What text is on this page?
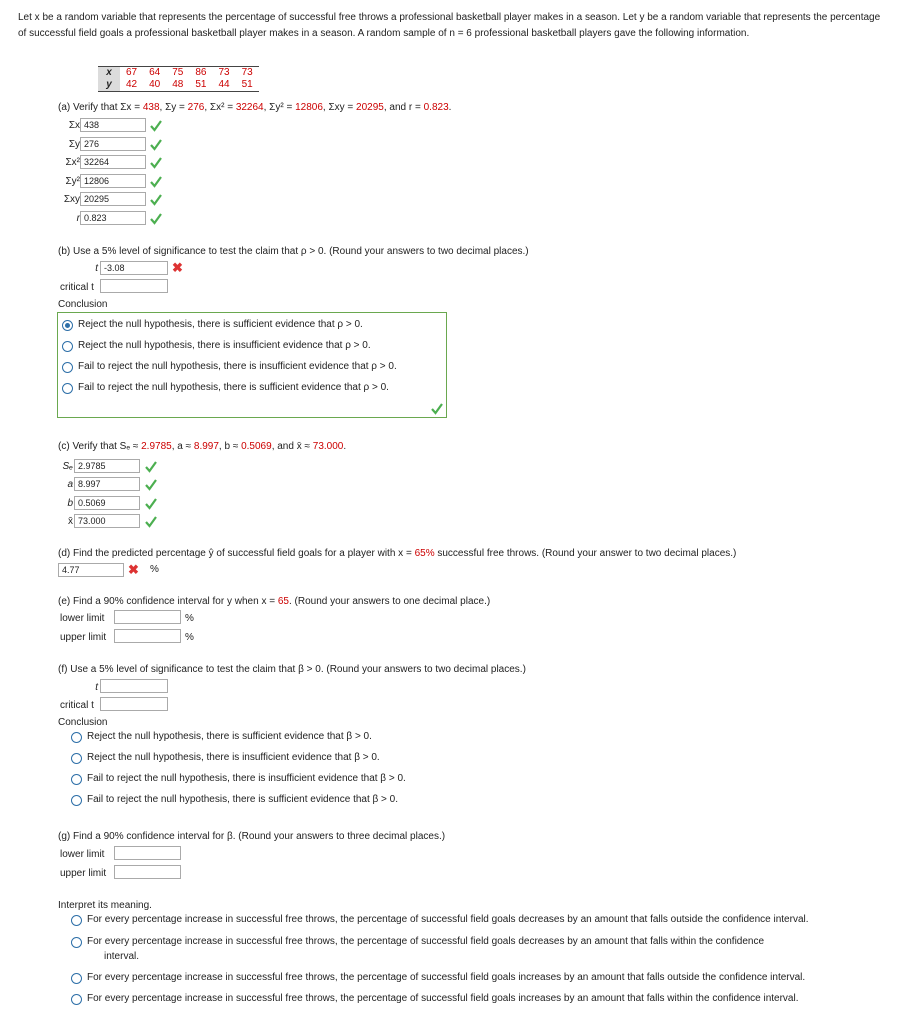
Let x be a random variable that represents the percentage of successful free throws a professional basketball player makes in a season. Let y be a random variable that represents the percentage of successful field goals a professional basketball player makes in a season. A random sample of n = 6 professional basketball players gave the following information.
x	67	64	75	86	73	73
y	42	40	48	51	44	51
(a) Verify that Σx = 438, Σy = 276, Σx² = 32264, Σy² = 12806, Σxy = 20295, and r = 0.823.
Σx 438
Σy 276
Σx² 32264
Σy² 12806
Σxy 20295
r 0.823
(b) Use a 5% level of significance to test the claim that ρ > 0. (Round your answers to two decimal places.)
t -3.08	✖
critical t
Conclusion
Reject the null hypothesis, there is sufficient evidence that ρ > 0.
Reject the null hypothesis, there is insufficient evidence that ρ > 0.
Fail to reject the null hypothesis, there is insufficient evidence that ρ > 0.
Fail to reject the null hypothesis, there is sufficient evidence that ρ > 0.
(c) Verify that Sₑ ≈ 2.9785, a ≈ 8.997, b ≈ 0.5069, and x̄ ≈ 73.000.
Sₑ 2.9785
a 8.997
b 0.5069
x̄ 73.000
(d) Find the predicted percentage ŷ of successful field goals for a player with x = 65% successful free throws. (Round your answer to two decimal places.)
4.77	✖ %
(e) Find a 90% confidence interval for y when x = 65. (Round your answers to one decimal place.)
lower limit	%
upper limit	%
(f) Use a 5% level of significance to test the claim that β > 0. (Round your answers to two decimal places.)
t
critical t
Conclusion
Reject the null hypothesis, there is sufficient evidence that β > 0.
Reject the null hypothesis, there is insufficient evidence that β > 0.
Fail to reject the null hypothesis, there is insufficient evidence that β > 0.
Fail to reject the null hypothesis, there is sufficient evidence that β > 0.
(g) Find a 90% confidence interval for β. (Round your answers to three decimal places.)
lower limit
upper limit
Interpret its meaning.
For every percentage increase in successful free throws, the percentage of successful field goals decreases by an amount that falls outside the confidence interval.
For every percentage increase in successful free throws, the percentage of successful field goals decreases by an amount that falls within the confidence
interval.
For every percentage increase in successful free throws, the percentage of successful field goals increases by an amount that falls outside the confidence interval.
For every percentage increase in successful free throws, the percentage of successful field goals increases by an amount that falls within the confidence interval.
